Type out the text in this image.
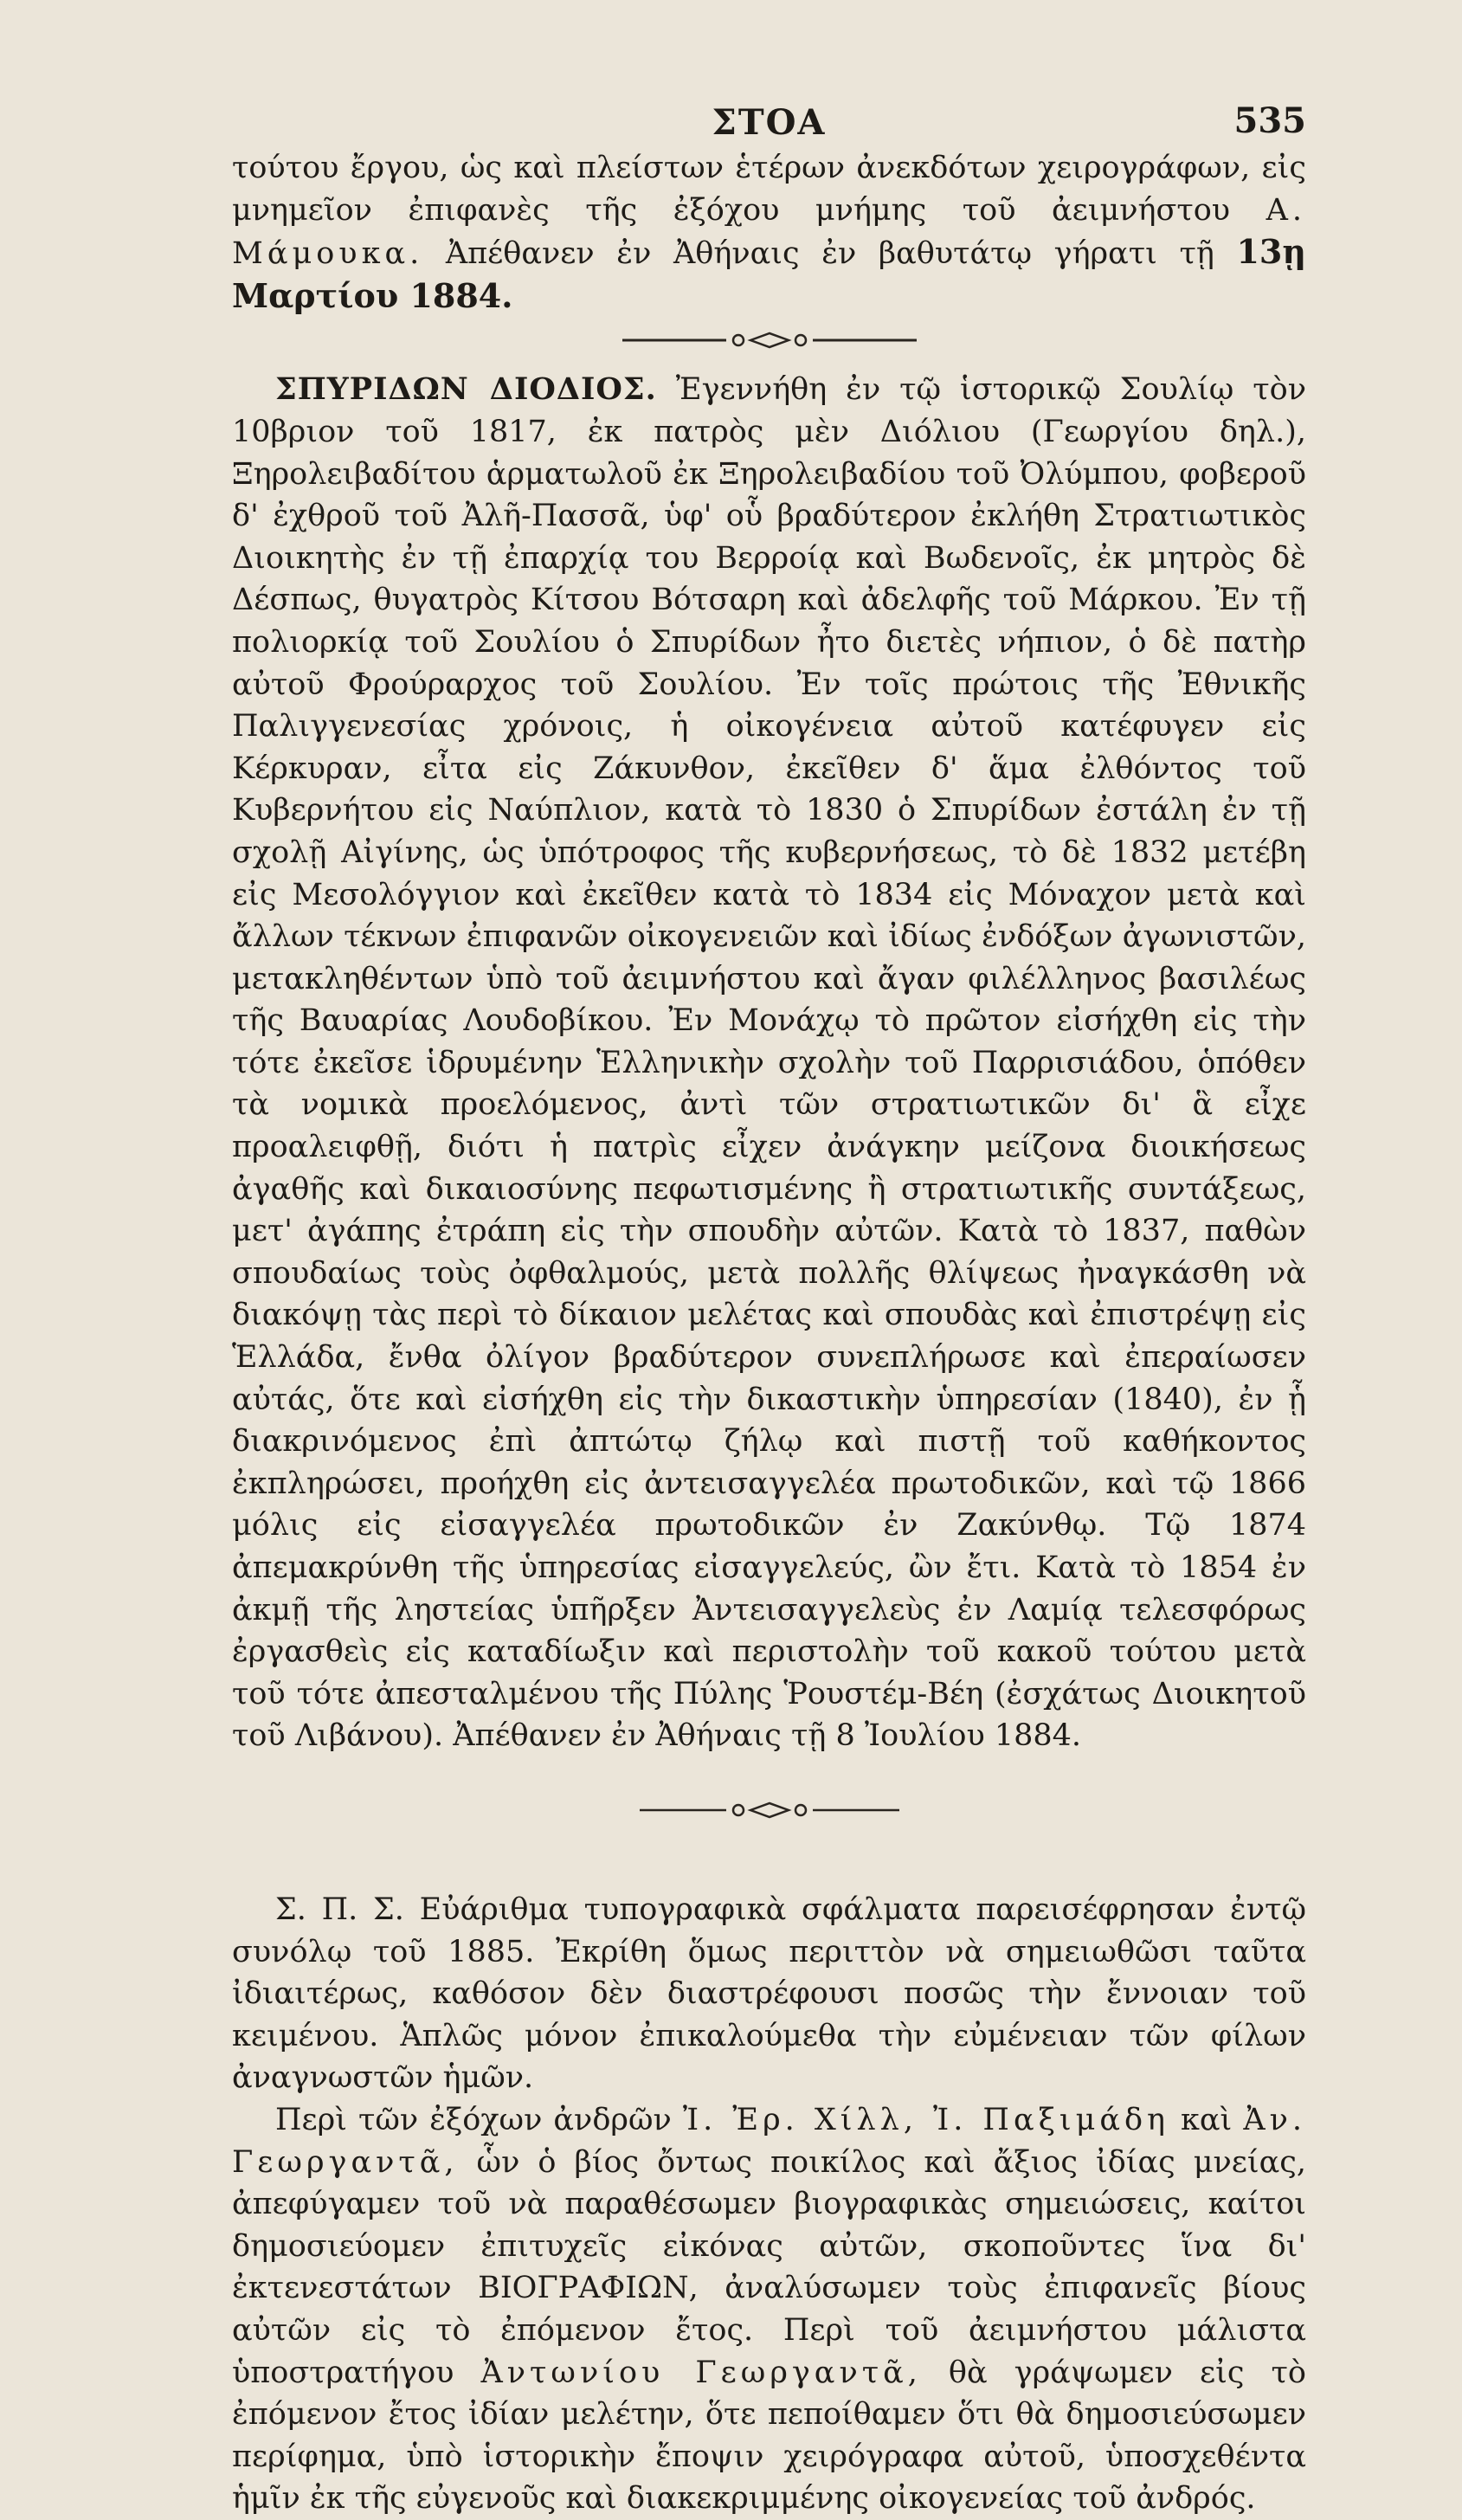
ΣΤΟΑ	535

τούτου ἔργου, ὡς καὶ πλείστων ἑτέρων ἀνεκδότων χειρογράφων, εἰς μνημεῖον ἐπιφανὲς τῆς ἐξόχου μνήμης τοῦ ἀειμνήστου Α. Μάμουκα. Ἀπέθανεν ἐν Ἀθήναις ἐν βαθυτάτῳ γήρατι τῇ 13ῃ Μαρτίου 1884.

ΣΠΥΡΙΔΩΝ ΔΙΟΔΙΟΣ. Ἐγεννήθη ἐν τῷ ἱστορικῷ Σουλίῳ τὸν 10βριον τοῦ 1817, ἐκ πατρὸς μὲν Διόλιου (Γεωργίου δηλ.), Ξηρολειβαδίτου ἁρματωλοῦ ἐκ Ξηρολειβαδίου τοῦ Ὀλύμπου, φοβεροῦ δ' ἐχθροῦ τοῦ Ἀλῆ-Πασσᾶ, ὑφ' οὗ βραδύτερον ἐκλήθη Στρατιωτικὸς Διοικητὴς ἐν τῇ ἐπαρχίᾳ του Βερροίᾳ καὶ Βωδενοῖς, ἐκ μητρὸς δὲ Δέσπως, θυγατρὸς Κίτσου Βότσαρη καὶ ἀδελφῆς τοῦ Μάρκου. Ἐν τῇ πολιορκίᾳ τοῦ Σουλίου ὁ Σπυρίδων ἦτο διετὲς νήπιον, ὁ δὲ πατὴρ αὐτοῦ Φρούραρχος τοῦ Σουλίου. Ἐν τοῖς πρώτοις τῆς Ἐθνικῆς Παλιγγενεσίας χρόνοις, ἡ οἰκογένεια αὐτοῦ κατέφυγεν εἰς Κέρκυραν, εἶτα εἰς Ζάκυνθον, ἐκεῖθεν δ' ἅμα ἐλθόντος τοῦ Κυβερνήτου εἰς Ναύπλιον, κατὰ τὸ 1830 ὁ Σπυρίδων ἐστάλη ἐν τῇ σχολῇ Αἰγίνης, ὡς ὑπότροφος τῆς κυβερνήσεως, τὸ δὲ 1832 μετέβη εἰς Μεσολόγγιον καὶ ἐκεῖθεν κατὰ τὸ 1834 εἰς Μόναχον μετὰ καὶ ἄλλων τέκνων ἐπιφανῶν οἰκογενειῶν καὶ ἰδίως ἐνδόξων ἀγωνιστῶν, μετακληθέντων ὑπὸ τοῦ ἀειμνήστου καὶ ἄγαν φιλέλληνος βασιλέως τῆς Βαυαρίας Λουδοβίκου. Ἐν Μονάχῳ τὸ πρῶτον εἰσήχθη εἰς τὴν τότε ἐκεῖσε ἱδρυμένην Ἑλληνικὴν σχολὴν τοῦ Παρρισιάδου, ὁπόθεν τὰ νομικὰ προελόμενος, ἀντὶ τῶν στρατιωτικῶν δι' ἃ εἶχε προαλειφθῇ, διότι ἡ πατρὶς εἶχεν ἀνάγκην μείζονα διοικήσεως ἀγαθῆς καὶ δικαιοσύνης πεφωτισμένης ἢ στρατιωτικῆς συντάξεως, μετ' ἀγάπης ἐτράπη εἰς τὴν σπουδὴν αὐτῶν. Κατὰ τὸ 1837, παθὼν σπουδαίως τοὺς ὀφθαλμούς, μετὰ πολλῆς θλίψεως ἠναγκάσθη νὰ διακόψῃ τὰς περὶ τὸ δίκαιον μελέτας καὶ σπουδὰς καὶ ἐπιστρέψῃ εἰς Ἑλλάδα, ἔνθα ὀλίγον βραδύτερον συνεπλήρωσε καὶ ἐπεραίωσεν αὐτάς, ὅτε καὶ εἰσήχθη εἰς τὴν δικαστικὴν ὑπηρεσίαν (1840), ἐν ᾗ διακρινόμενος ἐπὶ ἀπτώτῳ ζήλῳ καὶ πιστῇ τοῦ καθήκοντος ἐκπληρώσει, προήχθη εἰς ἀντεισαγγελέα πρωτοδικῶν, καὶ τῷ 1866 μόλις εἰς εἰσαγγελέα πρωτοδικῶν ἐν Ζακύνθῳ. Τῷ 1874 ἀπεμακρύνθη τῆς ὑπηρεσίας εἰσαγγελεύς, ὢν ἔτι. Κατὰ τὸ 1854 ἐν ἀκμῇ τῆς ληστείας ὑπῆρξεν Ἀντεισαγγελεὺς ἐν Λαμίᾳ τελεσφόρως ἐργασθεὶς εἰς καταδίωξιν καὶ περιστολὴν τοῦ κακοῦ τούτου μετὰ τοῦ τότε ἀπεσταλμένου τῆς Πύλης Ῥουστέμ-Βέη (ἐσχάτως Διοικητοῦ τοῦ Λιβάνου). Ἀπέθανεν ἐν Ἀθήναις τῇ 8 Ἰουλίου 1884.

Σ. Π. Σ. Εὐάριθμα τυπογραφικὰ σφάλματα παρεισέφρησαν ἐντῷ συνόλῳ τοῦ 1885. Ἐκρίθη ὅμως περιττὸν νὰ σημειωθῶσι ταῦτα ἰδιαιτέρως, καθόσον δὲν διαστρέφουσι ποσῶς τὴν ἔννοιαν τοῦ κειμένου. Ἁπλῶς μόνον ἐπικαλούμεθα τὴν εὐμένειαν τῶν φίλων ἀναγνωστῶν ἡμῶν.

Περὶ τῶν ἐξόχων ἀνδρῶν Ἰ. Ἐρ. Χίλλ, Ἰ. Παξιμάδη καὶ Ἀν. Γεωργαντᾶ, ὧν ὁ βίος ὄντως ποικίλος καὶ ἄξιος ἰδίας μνείας, ἀπεφύγαμεν τοῦ νὰ παραθέσωμεν βιογραφικὰς σημειώσεις, καίτοι δημοσιεύομεν ἐπιτυχεῖς εἰκόνας αὐτῶν, σκοποῦντες ἵνα δι' ἐκτενεστάτων ΒΙΟΓΡΑΦΙΩΝ, ἀναλύσωμεν τοὺς ἐπιφανεῖς βίους αὐτῶν εἰς τὸ ἐπόμενον ἔτος. Περὶ τοῦ ἀειμνήστου μάλιστα ὑποστρατήγου Ἀντωνίου Γεωργαντᾶ, θὰ γράψωμεν εἰς τὸ ἐπόμενον ἔτος ἰδίαν μελέτην, ὅτε πεποίθαμεν ὅτι θὰ δημοσιεύσωμεν περίφημα, ὑπὸ ἱστορικὴν ἔποψιν χειρόγραφα αὐτοῦ, ὑποσχεθέντα ἡμῖν ἐκ τῆς εὐγενοῦς καὶ διακεκριμμένης οἰκογενείας τοῦ ἀνδρός.
